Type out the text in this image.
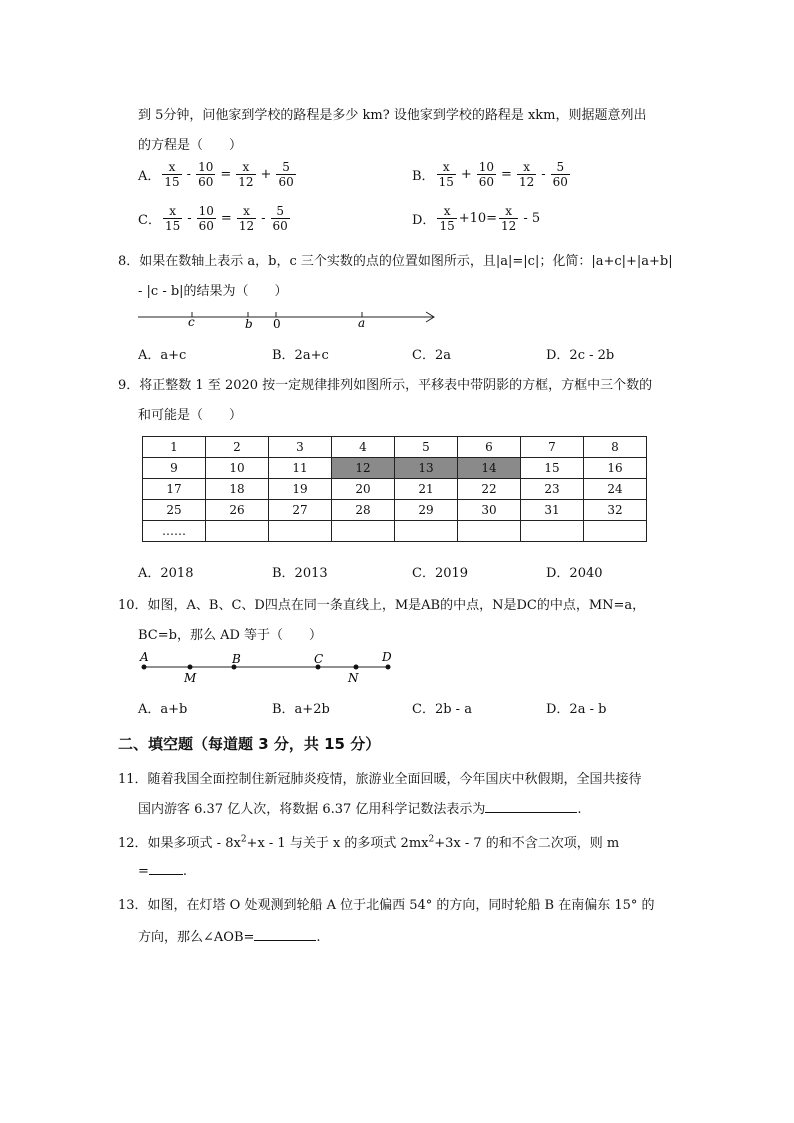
到 5分钟，问他家到学校的路程是多少 km? 设他家到学校的路程是 xkm，则据题意列出
的方程是（　　）
A． $\frac{x}{15} - \frac{10}{60} = \frac{x}{12} + \frac{5}{60}$	B． $\frac{x}{15} + \frac{10}{60} = \frac{x}{12} - \frac{5}{60}$
C． $\frac{x}{15} - \frac{10}{60} = \frac{x}{12} - \frac{5}{60}$	D． $\frac{x}{15} +10= \frac{x}{12} - 5$
8．如果在数轴上表示 a，b，c 三个实数的点的位置如图所示，且|a|=|c|；化简：|a+c|+|a+b|
- |c - b|的结果为（　　）
c	b 0	a
A．a+c	B．2a+c	C．2a	D．2c - 2b
9．将正整数 1 至 2020 按一定规律排列如图所示，平移表中带阴影的方框，方框中三个数的
和可能是（　　）
1	2	3	4	5	6	7	8
9	10	11	12	13	14	15	16
17	18	19	20	21	22	23	24
25	26	27	28	29	30	31	32
……							
A．2018	B．2013	C．2019	D．2040
10．如图，A、B、C、D四点在同一条直线上，M是AB的中点，N是DC的中点，MN=a，
BC=b，那么 AD 等于（　　）
A	B	C	D
M	N
A．a+b	B．a+2b	C．2b - a	D．2a - b
二、填空题（每道题 3 分，共 15 分）
11．随着我国全面控制住新冠肺炎疫情，旅游业全面回暖，今年国庆中秋假期，全国共接待
国内游客 6.37 亿人次，将数据 6.37 亿用科学记数法表示为	.
12．如果多项式 - $8x^2+x - 1$ 与关于 x 的多项式 $2mx^2+3x - 7$ 的和不含二次项，则 m
=	.
13．如图，在灯塔 O 处观测到轮船 A 位于北偏西 54° 的方向，同时轮船 B 在南偏东 15° 的
方向，那么∠AOB=	.
